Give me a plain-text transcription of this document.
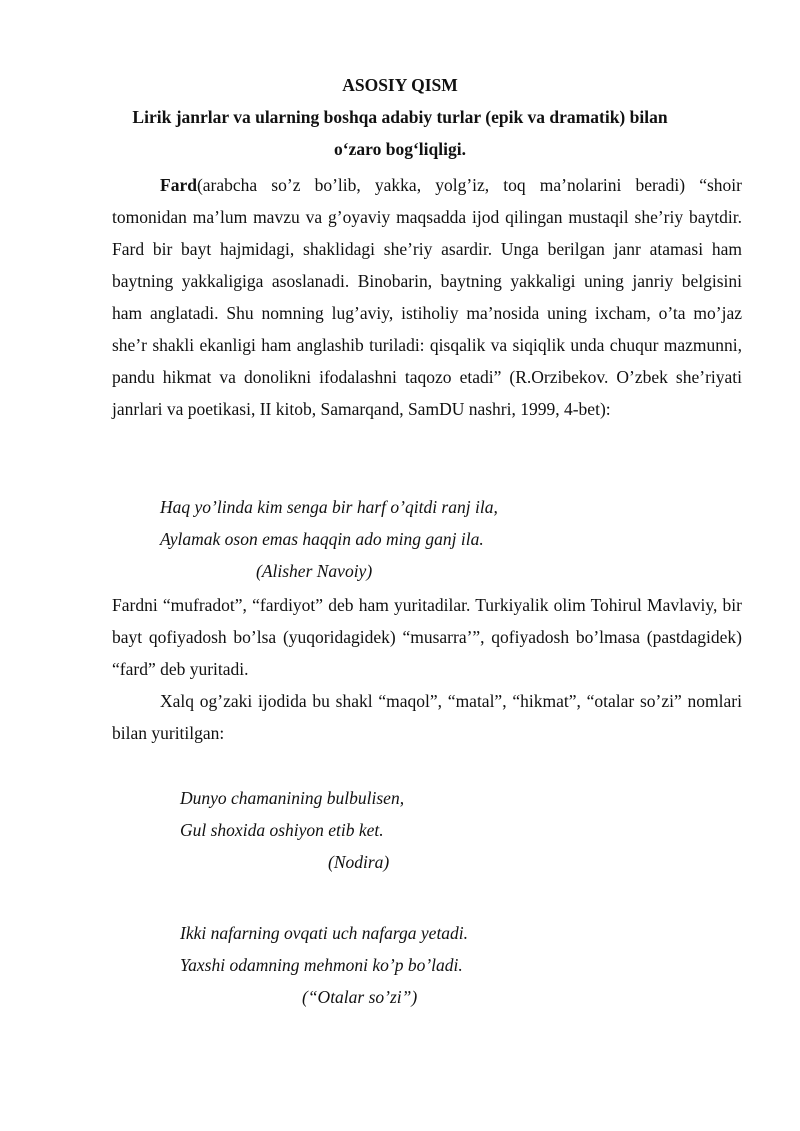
ASOSIY QISM
Lirik janrlar va ularning boshqa adabiy turlar (epik va dramatik) bilan
o‘zaro bog‘liqligi.
Fard(arabcha so’z bo’lib, yakka, yolg’iz, toq ma’nolarini beradi) “shoir tomonidan ma’lum mavzu va g’oyaviy maqsadda ijod qilingan mustaqil she’riy baytdir. Fard bir bayt hajmidagi, shaklidagi she’riy asardir. Unga berilgan janr atamasi ham baytning yakkaligiga asoslanadi. Binobarin, baytning yakkaligi uning janriy belgisini ham anglatadi. Shu nomning lug’aviy, istiholiy ma’nosida uning ixcham, o’ta mo’jaz she’r shakli ekanligi ham anglashib turiladi: qisqalik va siqiqlik unda chuqur mazmunni, pandu hikmat va donolikni ifodalashni taqozo etadi” (R.Orzibekov. O’zbek she’riyati janrlari va poetikasi, II kitob, Samarqand, SamDU nashri, 1999, 4-bet):
Haq yo’linda kim senga bir harf o’qitdi ranj ila,
Aylamak oson emas haqqin ado ming ganj ila.
(Alisher Navoiy)
Fardni “mufradot”, “fardiyot” deb ham yuritadilar. Turkiyalik olim Tohirul Mavlaviy, bir bayt qofiyadosh bo’lsa (yuqoridagidek) “musarra’”, qofiyadosh bo’lmasa (pastdagidek) “fard” deb yuritadi.
Xalq og’zaki ijodida bu shakl “maqol”, “matal”, “hikmat”, “otalar so’zi” nomlari bilan yuritilgan:
Dunyo chamanining bulbulisen,
Gul shoxida oshiyon etib ket.
(Nodira)
Ikki nafarning ovqati uch nafarga yetadi.
Yaxshi odamning mehmoni ko’p bo’ladi.
(“Otalar so’zi”)
